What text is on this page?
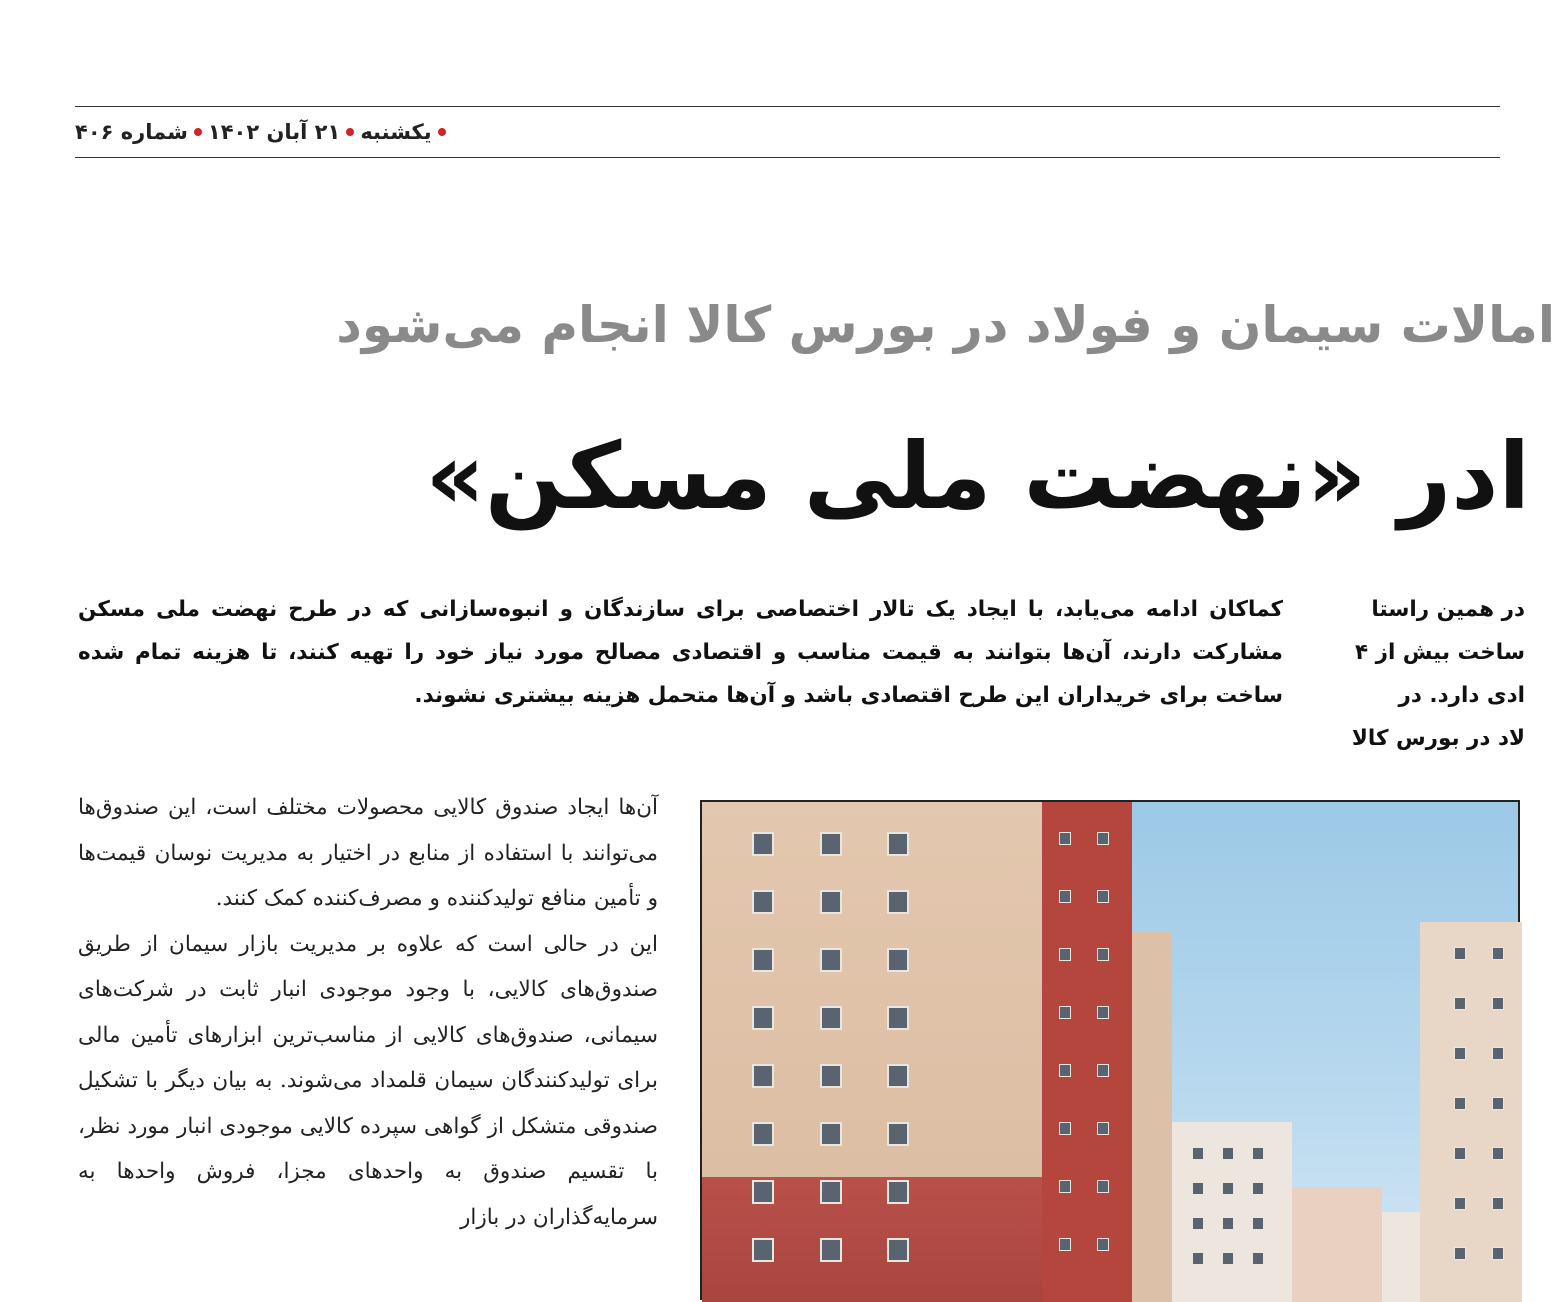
یکشنبه
۲۱ آبان ۱۴۰۲
شماره ۴۰۶
امالات سیمان و فولاد در بورس کالا انجام می‌شود
ادر «نهضت ملی مسکن»
کماکان ادامه می‌یابد، با ایجاد یک تالار اختصاصی برای سازندگان و انبوه‌سازانی که در طرح نهضت ملی مسکن مشارکت دارند، آن‌ها بتوانند به قیمت مناسب و اقتصادی مصالح مورد نیاز خود را تهیه کنند، تا هزینه تمام شده ساخت برای خریداران این طرح اقتصادی باشد و آن‌ها متحمل هزینه بیشتری نشوند.
در همین راستا
ساخت بیش از ۴
ادی دارد. در
لاد در بورس کالا

آن‌ها ایجاد صندوق کالایی محصولات مختلف است، این صندوق‌ها می‌توانند با استفاده از منابع در اختیار به مدیریت نوسان قیمت‌ها و تأمین منافع تولیدکننده و مصرف‌کننده کمک کنند.

این در حالی است که علاوه بر مدیریت بازار سیمان از طریق صندوق‌های کالایی، با وجود موجودی انبار ثابت در شرکت‌های سیمانی، صندوق‌های کالایی از مناسب‌ترین ابزارهای تأمین مالی برای تولیدکنندگان سیمان قلمداد می‌شوند. به بیان دیگر با تشکیل صندوقی متشکل از گواهی سپرده کالایی موجودی انبار مورد نظر، با تقسیم صندوق به واحدهای مجزا، فروش واحدها به سرمایه‌گذاران در بازار
